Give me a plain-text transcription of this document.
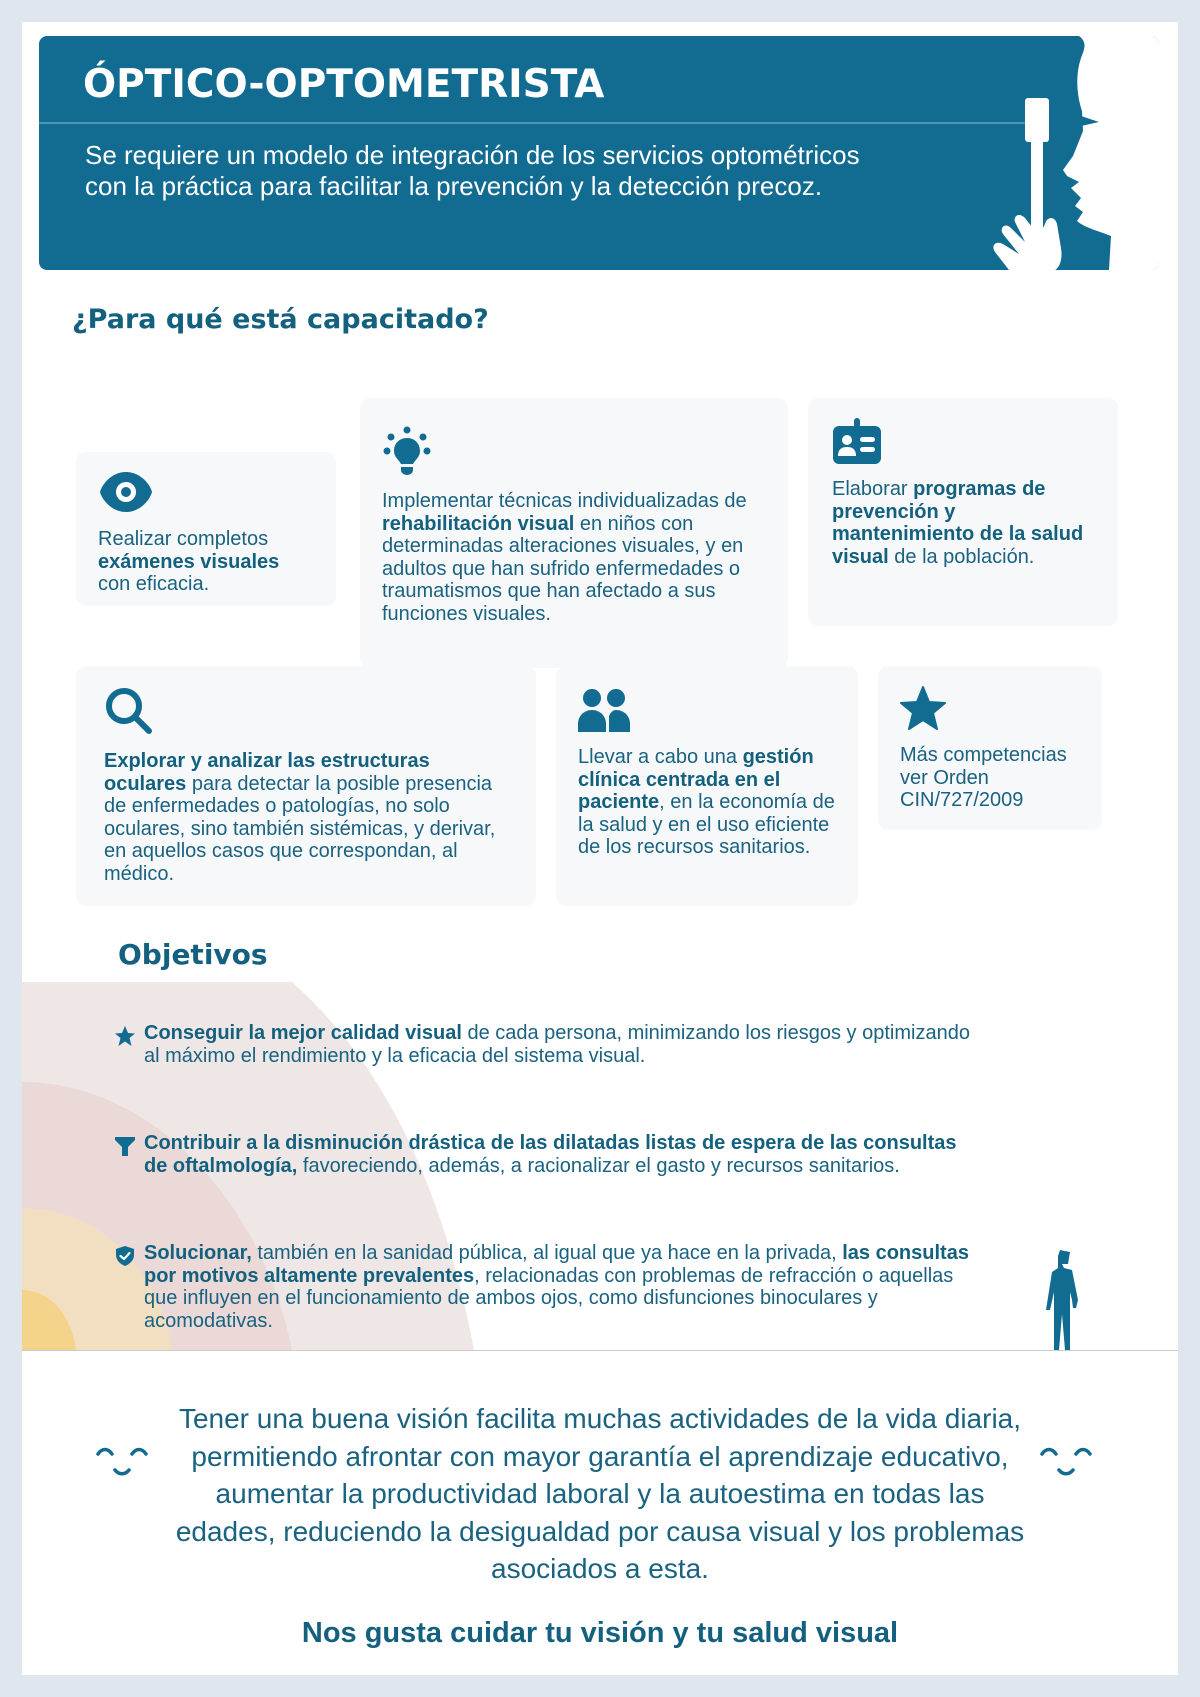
ÓPTICO-OPTOMETRISTA
Se requiere un modelo de integración de los servicios optométricos con la práctica para facilitar la prevención y la detección precoz.
¿Para qué está capacitado?

Realizar completos exámenes visuales con eficacia.

Implementar técnicas individualizadas de rehabilitación visual en niños con determinadas alteraciones visuales, y en adultos que han sufrido enfermedades o traumatismos que han afectado a sus funciones visuales.

Elaborar programas de prevención y mantenimiento de la salud visual de la población.

Explorar y analizar las estructuras oculares para detectar la posible presencia de enfermedades o patologías, no solo oculares, sino también sistémicas, y derivar, en aquellos casos que correspondan, al médico.

Llevar a cabo una gestión clínica centrada en el paciente, en la economía de la salud y en el uso eficiente de los recursos sanitarios.

Más competencias ver Orden CIN/727/2009

Objetivos

Conseguir la mejor calidad visual de cada persona, minimizando los riesgos y optimizando al máximo el rendimiento y la eficacia del sistema visual.

Contribuir a la disminución drástica de las dilatadas listas de espera de las consultas de oftalmología, favoreciendo, además, a racionalizar el gasto y recursos sanitarios.

Solucionar, también en la sanidad pública, al igual que ya hace en la privada, las consultas por motivos altamente prevalentes, relacionadas con problemas de refracción o aquellas que influyen en el funcionamiento de ambos ojos, como disfunciones binoculares y acomodativas.

Tener una buena visión facilita muchas actividades de la vida diaria, permitiendo afrontar con mayor garantía el aprendizaje educativo, aumentar la productividad laboral y la autoestima en todas las edades, reduciendo la desigualdad por causa visual y los problemas asociados a esta.
Nos gusta cuidar tu visión y tu salud visual
